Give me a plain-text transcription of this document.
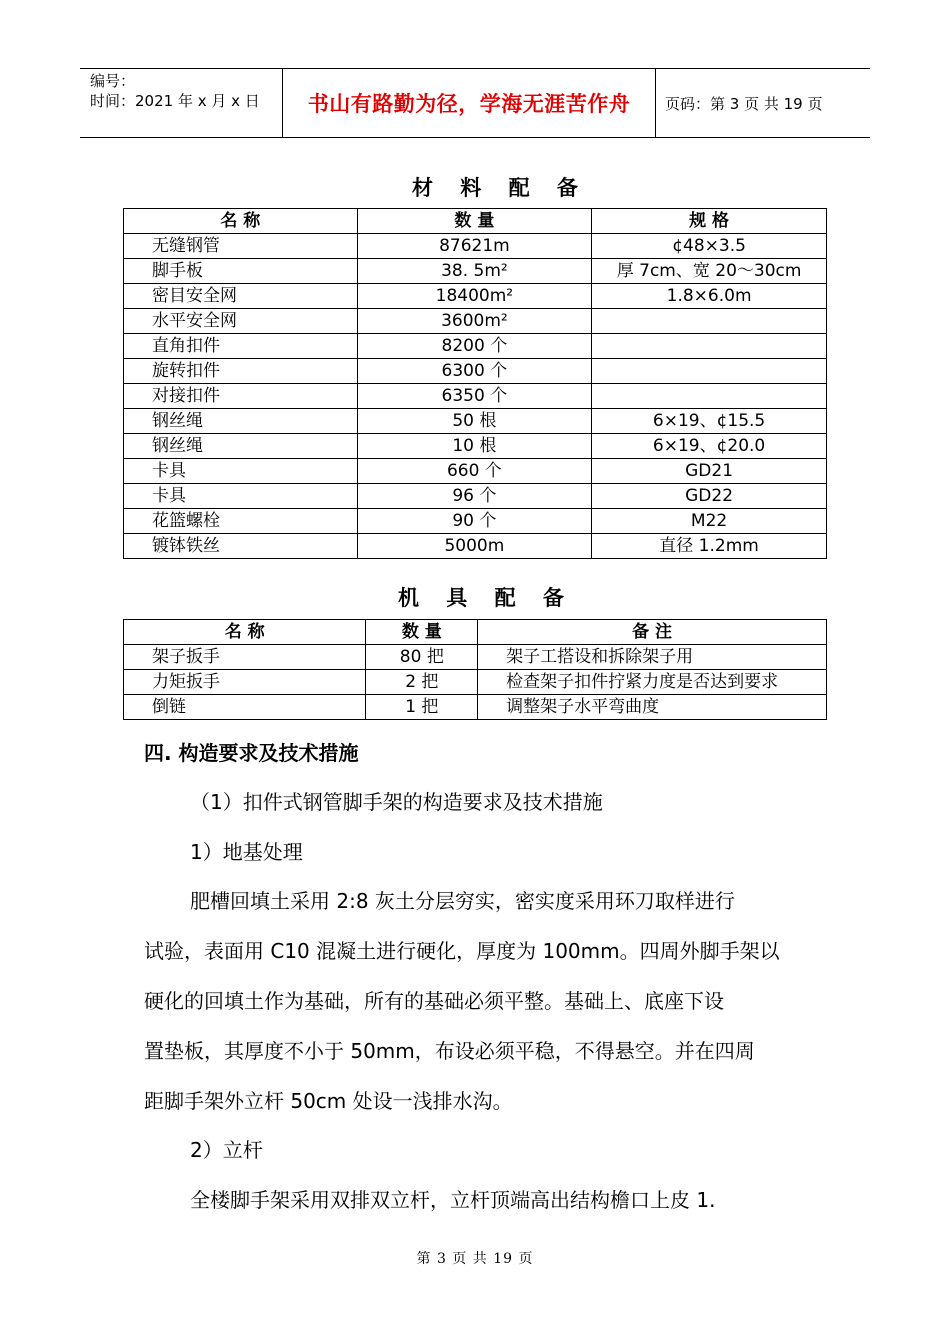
编号：
时间：2021 年 x 月 x 日	书山有路勤为径，学海无涯苦作舟	页码：第 3 页 共 19 页
材 料 配 备
名 称	数 量	规 格
无缝钢管	87621m	¢48×3.5
脚手板	38. 5m²	厚 7cm、宽 20～30cm
密目安全网	18400m²	1.8×6.0m
水平安全网	3600m²	
直角扣件	8200 个	
旋转扣件	6300 个	
对接扣件	6350 个	
钢丝绳	50 根	6×19、¢15.5
钢丝绳	10 根	6×19、¢20.0
卡具	660 个	GD21
卡具	96 个	GD22
花篮螺栓	90 个	M22
镀钵铁丝	5000m	直径 1.2mm
机 具 配 备
名 称	数 量	备 注
架子扳手	80 把	架子工搭设和拆除架子用
力矩扳手	2 把	检查架子扣件拧紧力度是否达到要求
倒链	1 把	调整架子水平弯曲度
四. 构造要求及技术措施
（1）扣件式钢管脚手架的构造要求及技术措施
1）地基处理
肥槽回填土采用 2:8 灰土分层穷实，密实度采用环刀取样进行
试验，表面用 C10 混凝土进行硬化，厚度为 100mm。四周外脚手架以
硬化的回填土作为基础，所有的基础必须平整。基础上、底座下设
置垫板，其厚度不小于 50mm，布设必须平稳，不得悬空。并在四周
距脚手架外立杆 50cm 处设一浅排水沟。
2）立杆
全楼脚手架采用双排双立杆，立杆顶端高出结构檐口上皮 1.
第 3 页 共 19 页
